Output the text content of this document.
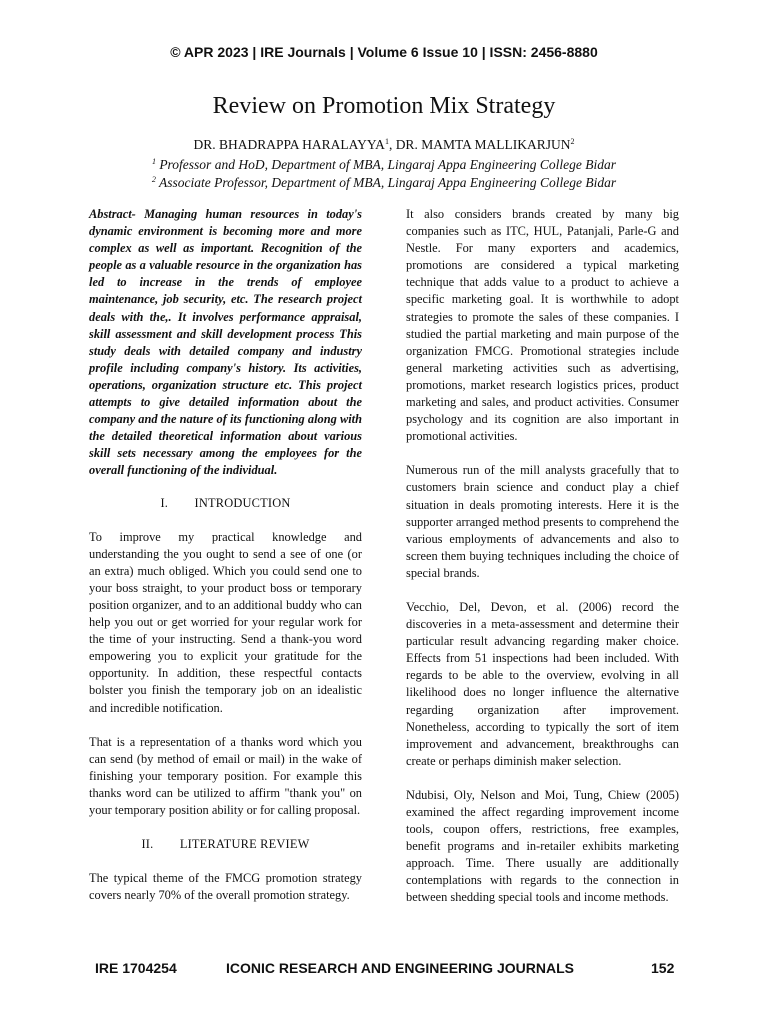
© APR 2023 | IRE Journals | Volume 6 Issue 10 | ISSN: 2456-8880
Review on Promotion Mix Strategy
DR. BHADRAPPA HARALAYYA$^1$, DR. MAMTA MALLIKARJUN$^2$
$^1$ Professor and HoD, Department of MBA, Lingaraj Appa Engineering College Bidar
$^2$ Associate Professor, Department of MBA, Lingaraj Appa Engineering College Bidar

Abstract- Managing human resources in today's dynamic environment is becoming more and more complex as well as important. Recognition of the people as a valuable resource in the organization has led to increase in the trends of employee maintenance, job security, etc. The research project deals with the,. It involves performance appraisal, skill assessment and skill development process This study deals with detailed company and industry profile including company's history. Its activities, operations, organization structure etc. This project attempts to give detailed information about the company and the nature of its functioning along with the detailed theoretical information about various skill sets necessary among the employees for the overall functioning of the individual.

I.        INTRODUCTION

To improve my practical knowledge and understanding the you ought to send a see of one (or an extra) much obliged. Which you could send one to your boss straight, to your product boss or temporary position organizer, and to an additional buddy who can help you out or get worried for your regular work for the time of your instructing. Send a thank-you word empowering you to explicit your gratitude for the opportunity. In addition, these respectful contacts bolster you finish the temporary job on an idealistic and incredible notification.

That is a representation of a thanks word which you can send (by method of email or mail) in the wake of finishing your temporary position. For example this thanks word can be utilized to affirm "thank you" on your temporary position ability or for calling proposal.

II.        LITERATURE REVIEW

The typical theme of the FMCG promotion strategy covers nearly 70% of the overall promotion strategy.

It also considers brands created by many big companies such as ITC, HUL, Patanjali, Parle-G and Nestle. For many exporters and academics, promotions are considered a typical marketing technique that adds value to a product to achieve a specific marketing goal. It is worthwhile to adopt strategies to promote the sales of these companies. I studied the partial marketing and main purpose of the organization FMCG. Promotional strategies include general marketing activities such as advertising, promotions, market research logistics prices, product marketing and sales, and product activities. Consumer psychology and its cognition are also important in promotional activities.

Numerous run of the mill analysts gracefully that to customers brain science and conduct play a chief situation in deals promoting interests. Here it is the supporter arranged method presents to comprehend the various employments of advancements and also to screen them buying techniques including the choice of special brands.

Vecchio, Del, Devon, et al. (2006) record the discoveries in a meta-assessment and determine their particular result advancing regarding maker choice. Effects from 51 inspections had been included. With regards to be able to the overview, evolving in all likelihood does no longer influence the alternative regarding organization after improvement. Nonetheless, according to typically the sort of item improvement and advancement, breakthroughs can create or perhaps diminish maker selection.

Ndubisi, Oly, Nelson and Moi, Tung, Chiew (2005) examined the affect regarding improvement income tools, coupon offers, restrictions, free examples, benefit programs and in-retailer exhibits marketing approach. Time. There usually are additionally contemplations with regards to the connection in between shedding special tools and income methods.

IRE 1704254	ICONIC RESEARCH AND ENGINEERING JOURNALS	152
